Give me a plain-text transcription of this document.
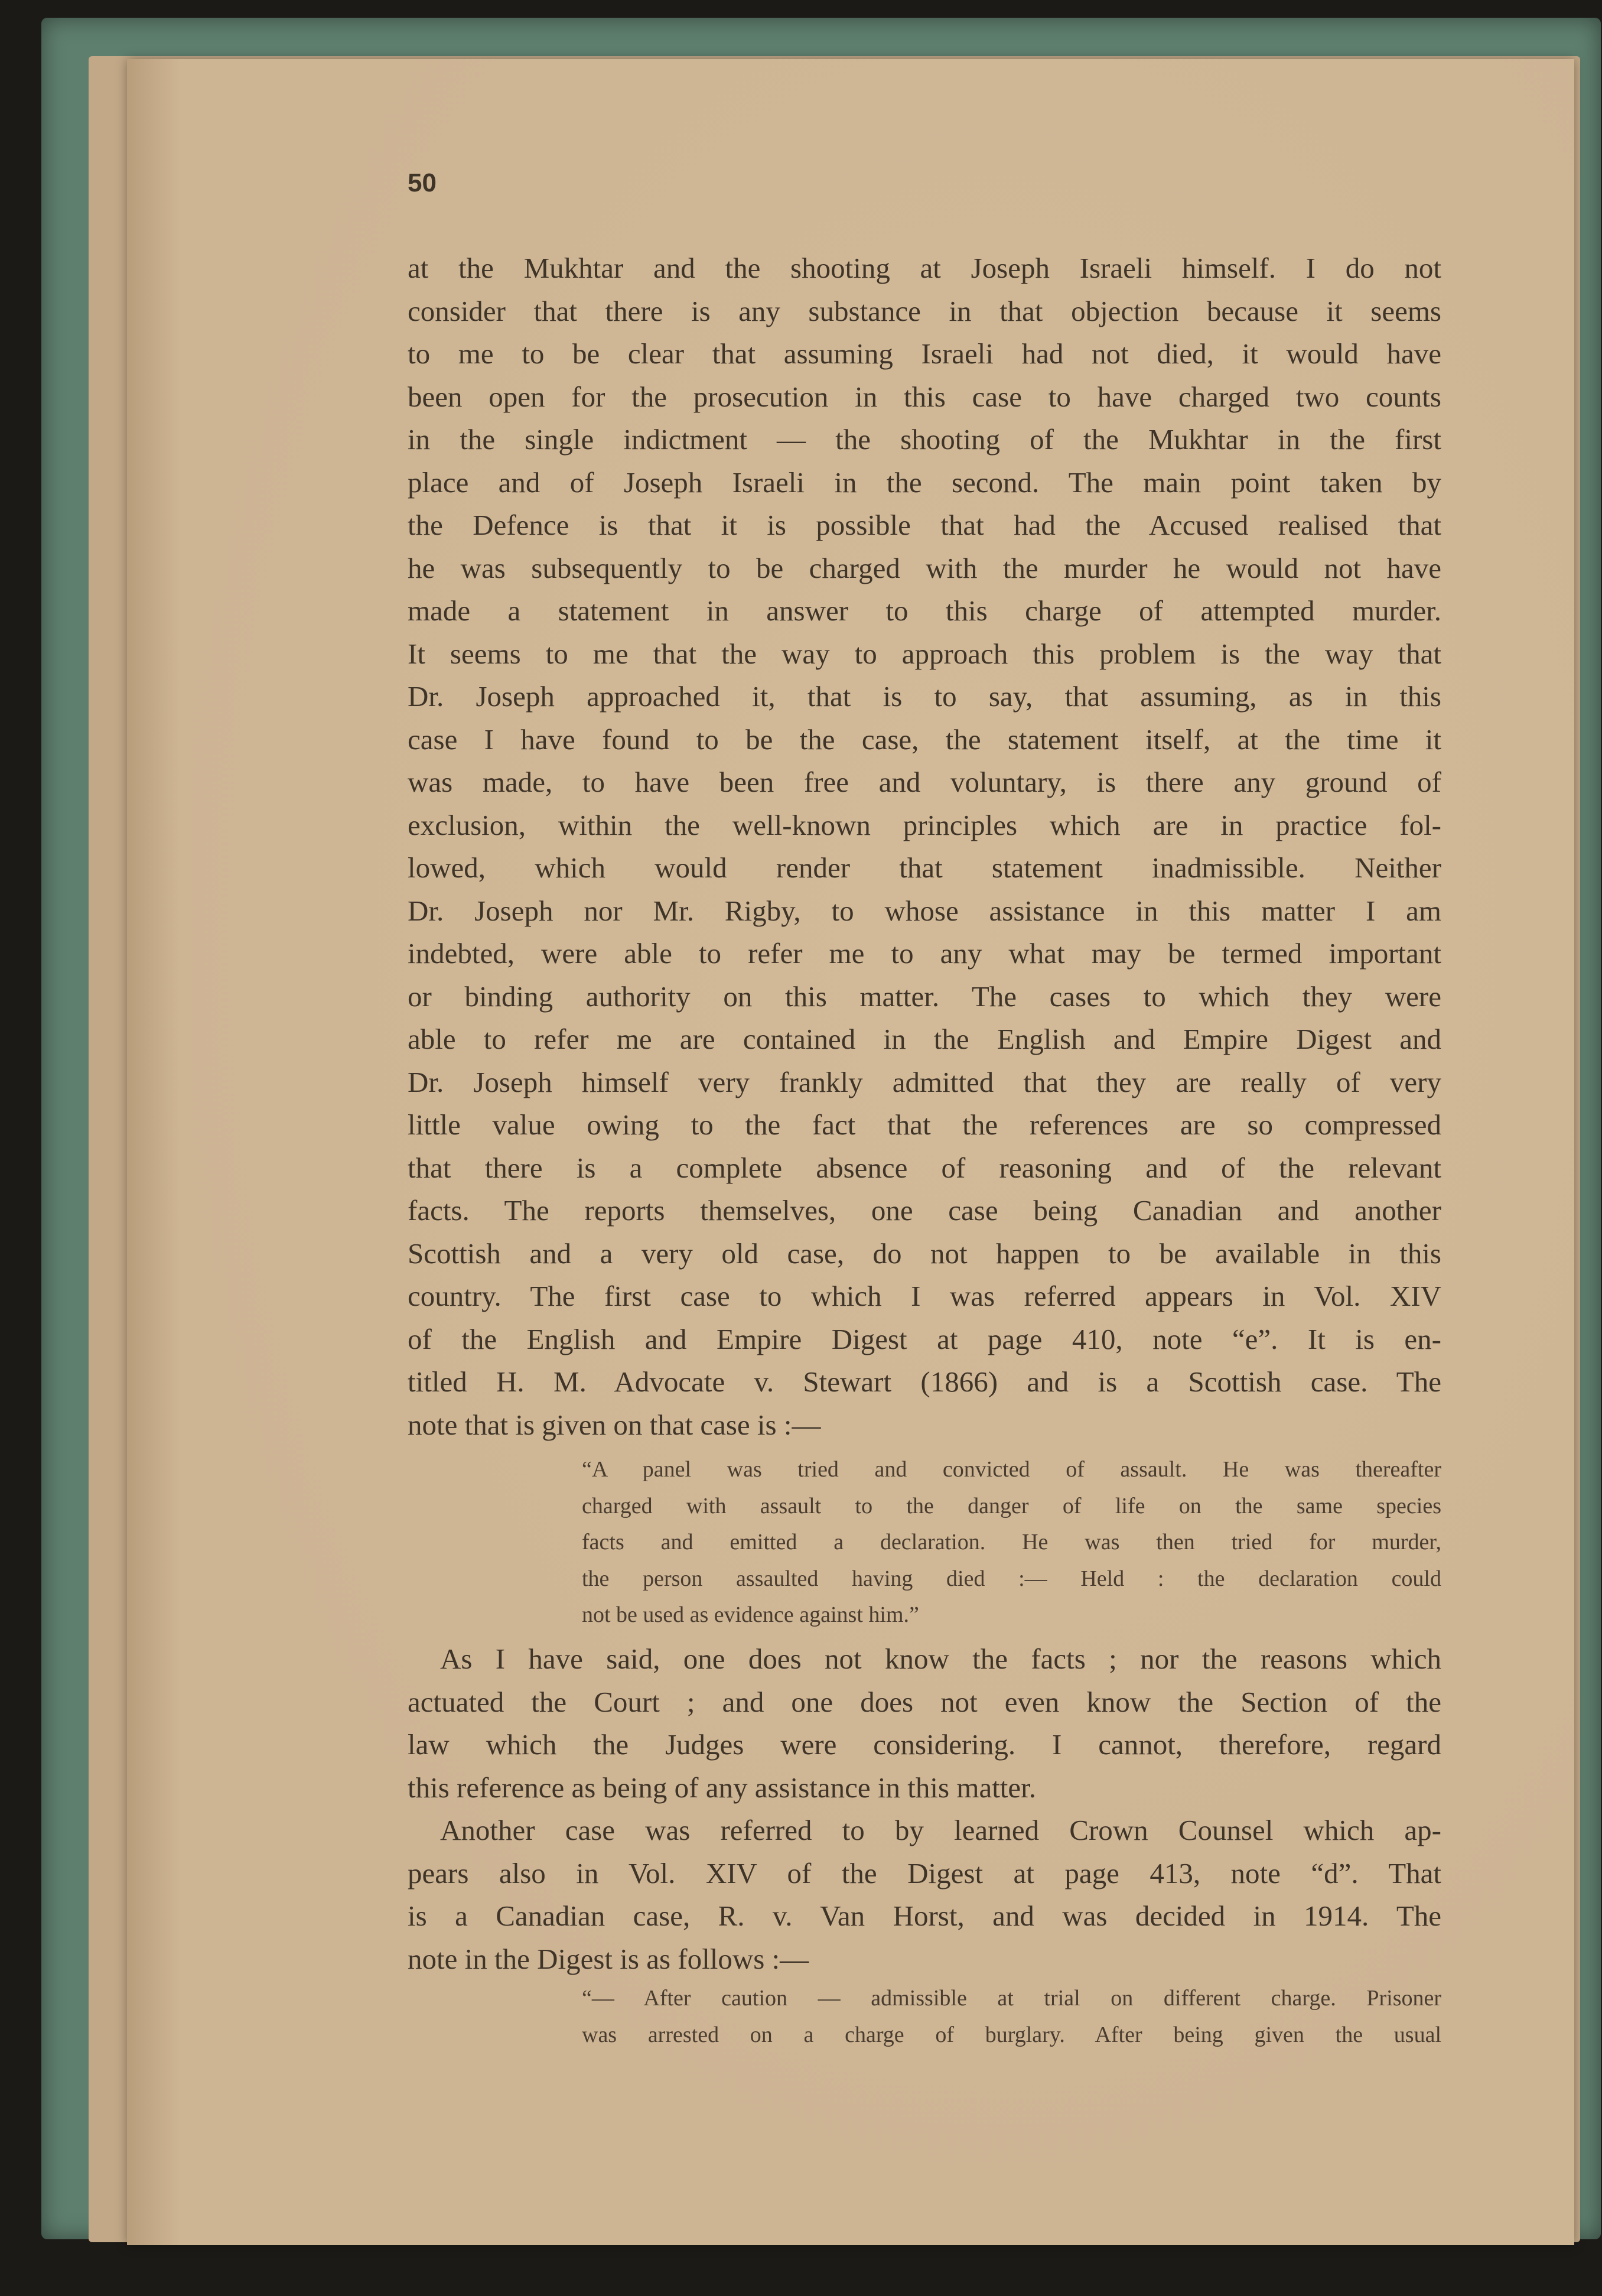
50
at the Mukhtar and the shooting at Joseph Israeli himself. I do not
consider that there is any substance in that objection because it seems
to me to be clear that assuming Israeli had not died, it would have
been open for the prosecution in this case to have charged two counts
in the single indictment — the shooting of the Mukhtar in the first
place and of Joseph Israeli in the second. The main point taken by
the Defence is that it is possible that had the Accused realised that
he was subsequently to be charged with the murder he would not have
made a statement in answer to this charge of attempted murder.
It seems to me that the way to approach this problem is the way that
Dr. Joseph approached it, that is to say, that assuming, as in this
case I have found to be the case, the statement itself, at the time it
was made, to have been free and voluntary, is there any ground of
exclusion, within the well-known principles which are in practice fol-
lowed, which would render that statement inadmissible. Neither
Dr. Joseph nor Mr. Rigby, to whose assistance in this matter I am
indebted, were able to refer me to any what may be termed important
or binding authority on this matter. The cases to which they were
able to refer me are contained in the English and Empire Digest and
Dr. Joseph himself very frankly admitted that they are really of very
little value owing to the fact that the references are so compressed
that there is a complete absence of reasoning and of the relevant
facts. The reports themselves, one case being Canadian and another
Scottish and a very old case, do not happen to be available in this
country. The first case to which I was referred appears in Vol. XIV
of the English and Empire Digest at page 410, note “e”. It is en-
titled H. M. Advocate v. Stewart (1866) and is a Scottish case. The
note that is given on that case is :—
“A panel was tried and convicted of assault. He was thereafter
charged with assault to the danger of life on the same species
facts and emitted a declaration. He was then tried for murder,
the person assaulted having died :— Held : the declaration could
not be used as evidence against him.”
As I have said, one does not know the facts ; nor the reasons which
actuated the Court ; and one does not even know the Section of the
law which the Judges were considering. I cannot, therefore, regard
this reference as being of any assistance in this matter.
Another case was referred to by learned Crown Counsel which ap-
pears also in Vol. XIV of the Digest at page 413, note “d”. That
is a Canadian case, R. v. Van Horst, and was decided in 1914. The
note in the Digest is as follows :—
“— After caution — admissible at trial on different charge. Prisoner
was arrested on a charge of burglary. After being given the usual
